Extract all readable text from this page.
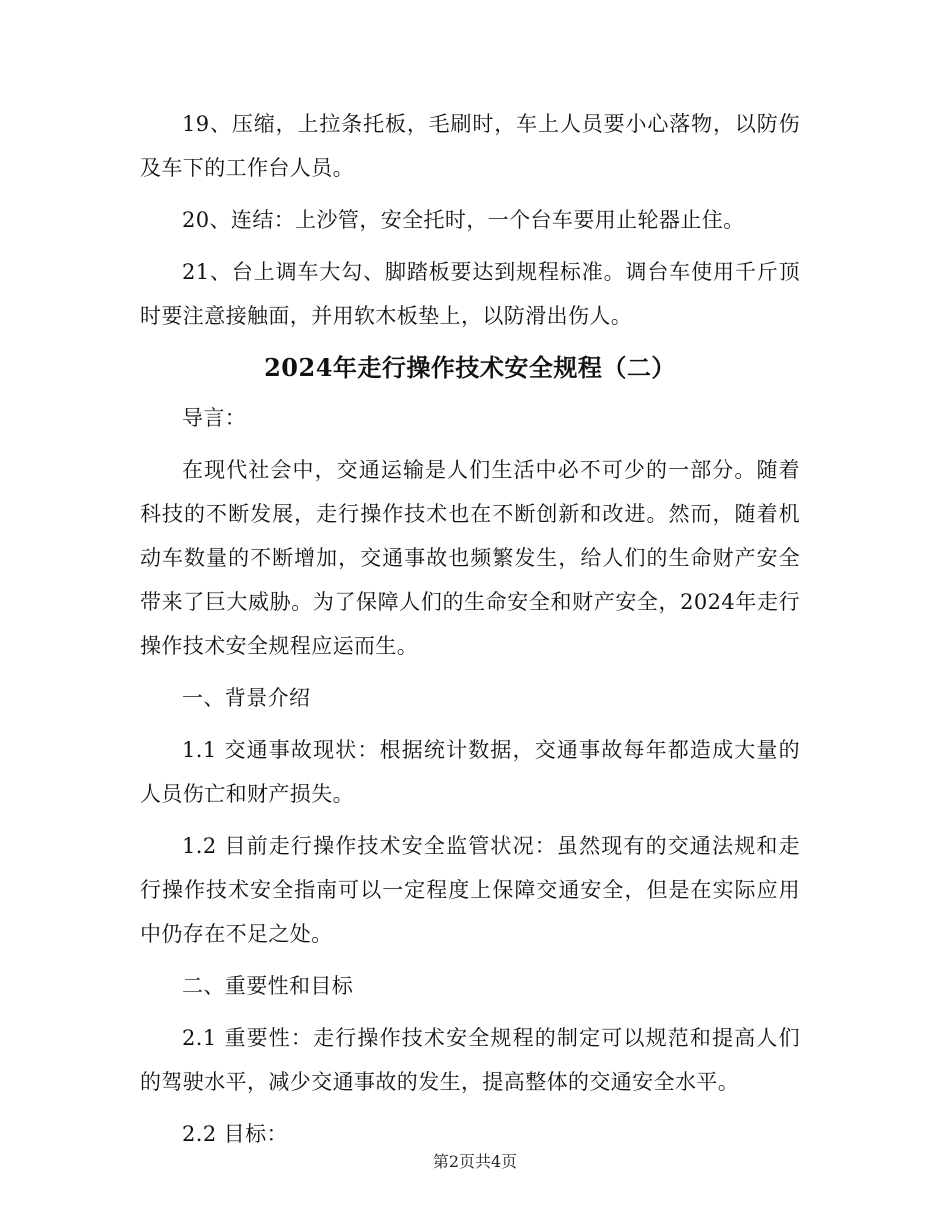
19、压缩，上拉条托板，毛刷时，车上人员要小心落物，以防伤及车下的工作台人员。

20、连结：上沙管，安全托时，一个台车要用止轮器止住。

21、台上调车大勾、脚踏板要达到规程标准。调台车使用千斤顶时要注意接触面，并用软木板垫上，以防滑出伤人。

2024年走行操作技术安全规程（二）

导言：

在现代社会中，交通运输是人们生活中必不可少的一部分。随着科技的不断发展，走行操作技术也在不断创新和改进。然而，随着机动车数量的不断增加，交通事故也频繁发生，给人们的生命财产安全带来了巨大威胁。为了保障人们的生命安全和财产安全，2024年走行操作技术安全规程应运而生。

一、背景介绍

1.1 交通事故现状：根据统计数据，交通事故每年都造成大量的人员伤亡和财产损失。

1.2 目前走行操作技术安全监管状况：虽然现有的交通法规和走行操作技术安全指南可以一定程度上保障交通安全，但是在实际应用中仍存在不足之处。

二、重要性和目标

2.1 重要性：走行操作技术安全规程的制定可以规范和提高人们的驾驶水平，减少交通事故的发生，提高整体的交通安全水平。

2.2 目标：

第2页共4页
